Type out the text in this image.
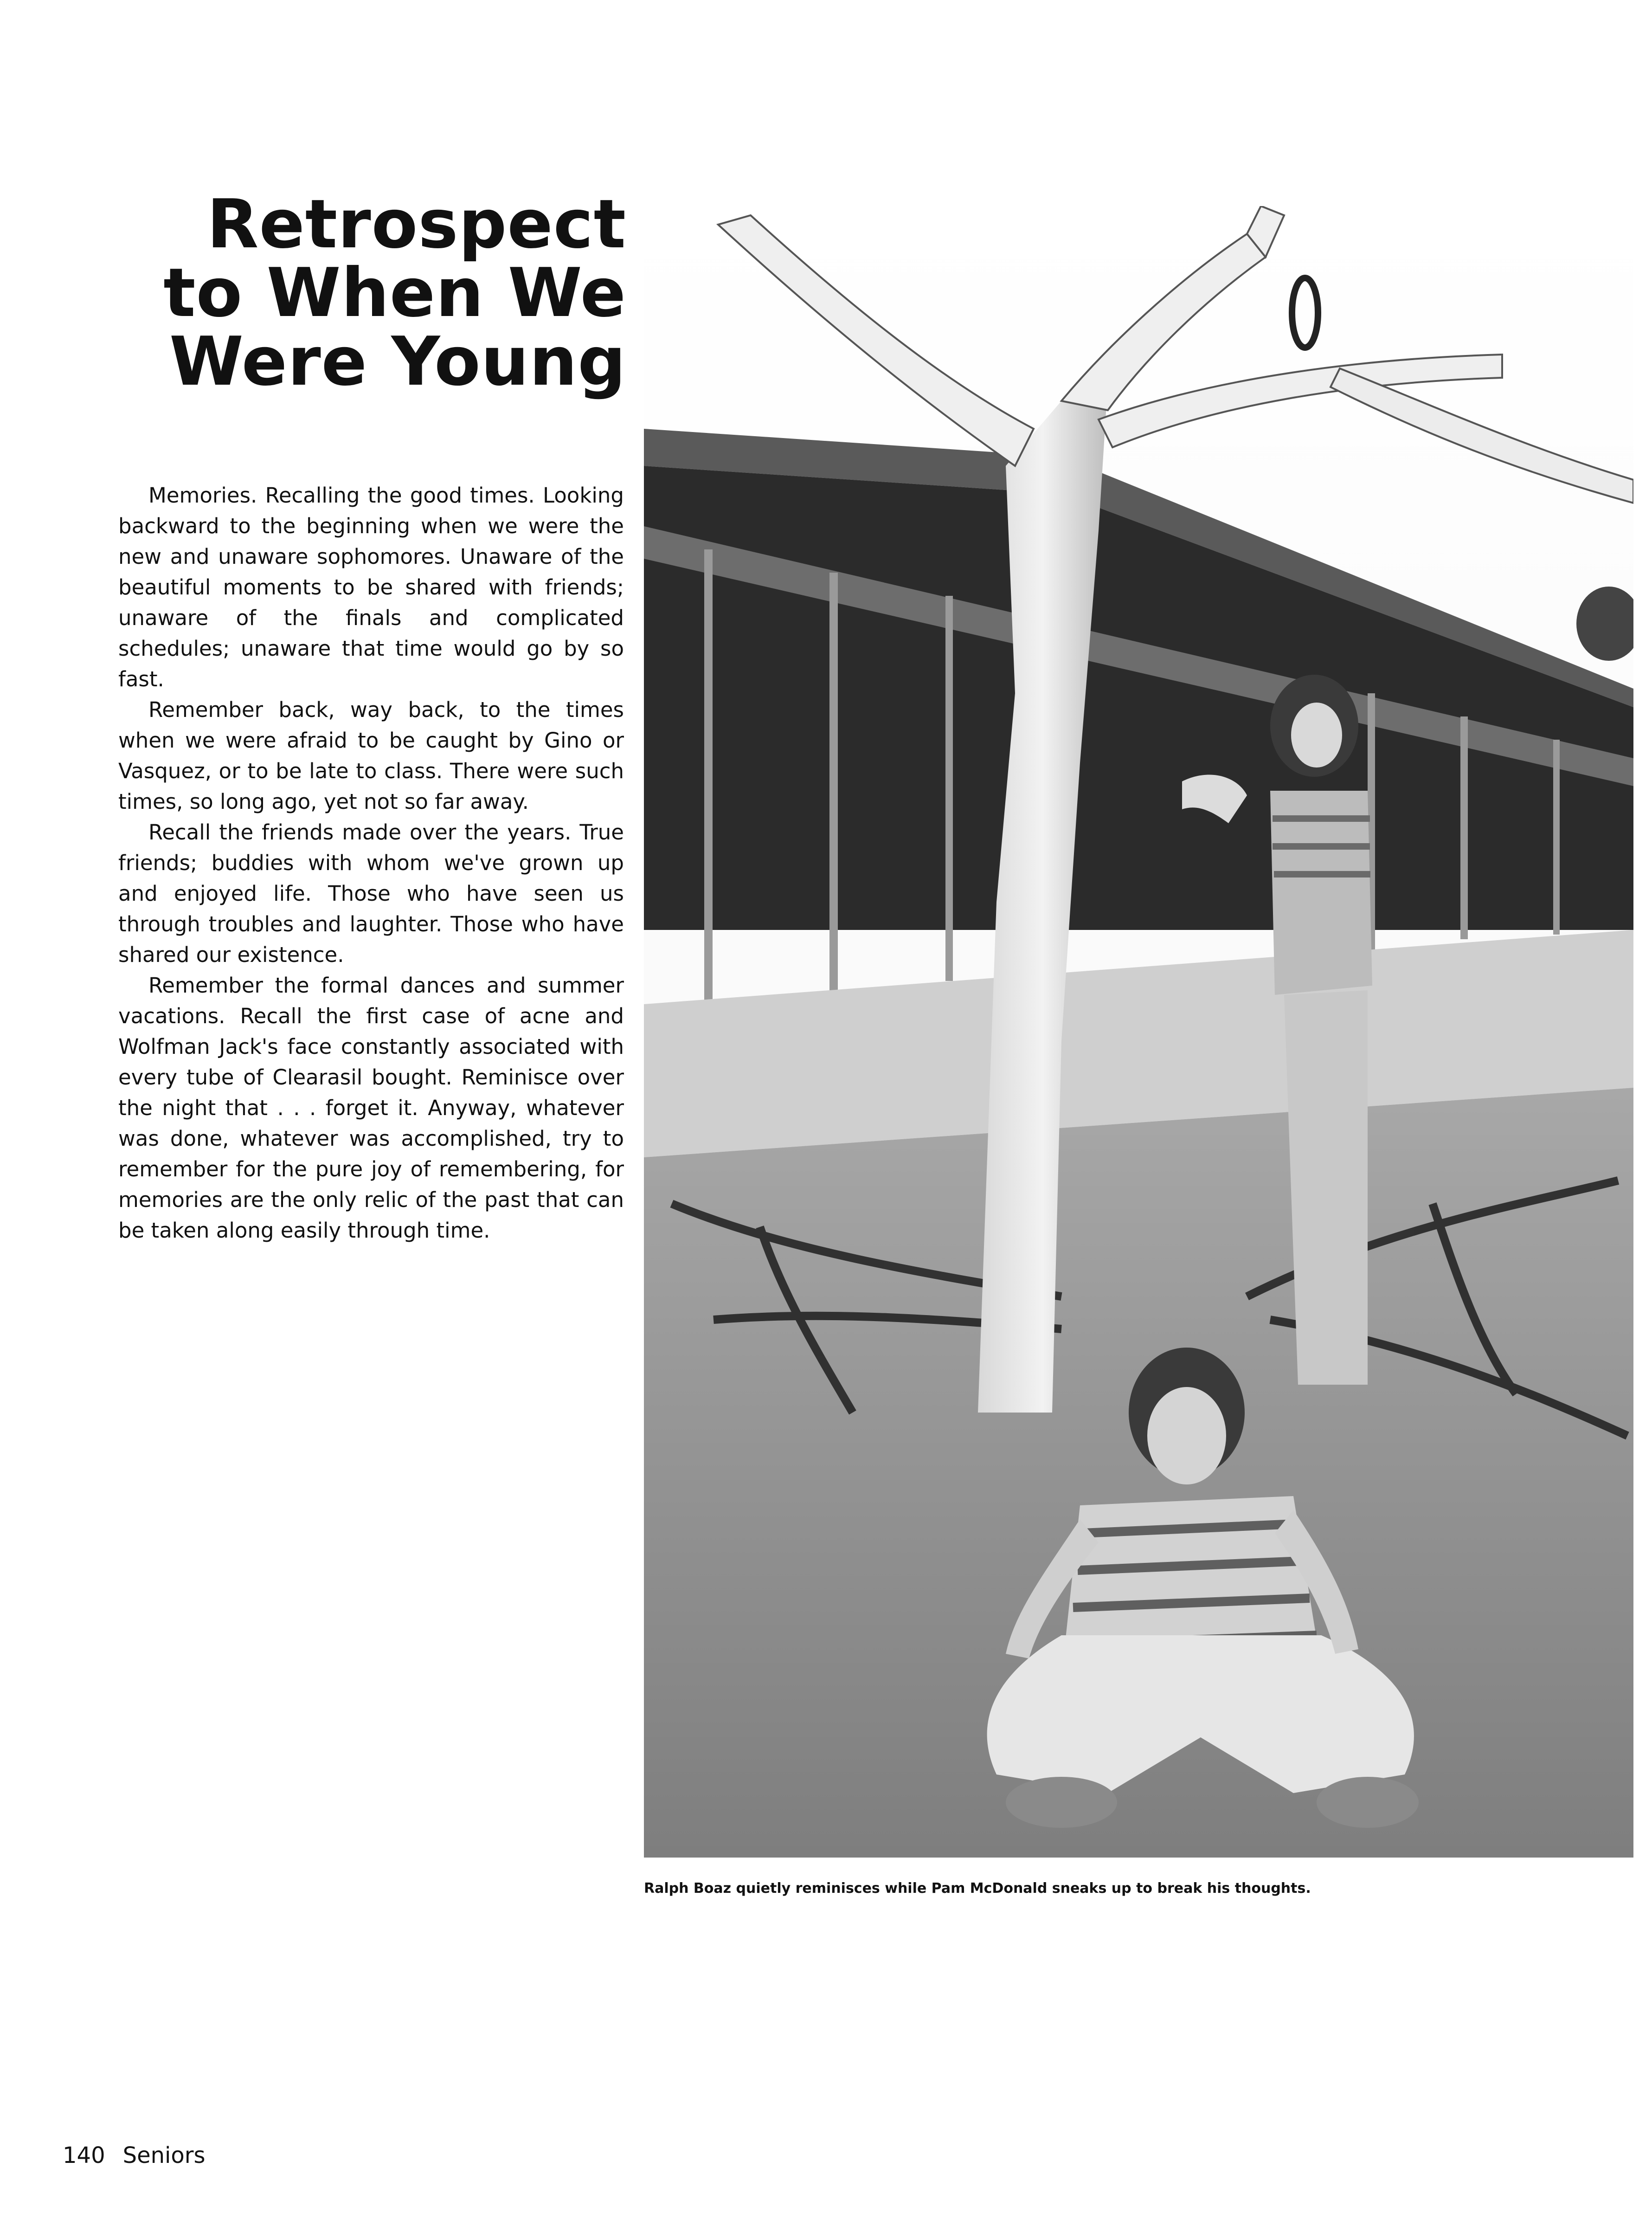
Retrospect
to When We
Were Young

Memories. Recalling the good times. Looking backward to the beginning when we were the new and unaware sophomores. Unaware of the beautiful moments to be shared with friends; unaware of the finals and complicated schedules; unaware that time would go by so fast.

Remember back, way back, to the times when we were afraid to be caught by Gino or Vasquez, or to be late to class. There were such times, so long ago, yet not so far away.

Recall the friends made over the years. True friends; buddies with whom we've grown up and enjoyed life. Those who have seen us through troubles and laughter. Those who have shared our existence.

Remember the formal dances and summer vacations. Recall the first case of acne and Wolfman Jack's face constantly associated with every tube of Clearasil bought. Reminisce over the night that . . . forget it. Anyway, whatever was done, whatever was accomplished, try to remember for the pure joy of remembering, for memories are the only relic of the past that can be taken along easily through time.

Ralph Boaz quietly reminisces while Pam McDonald sneaks up to break his thoughts.
140 Seniors
